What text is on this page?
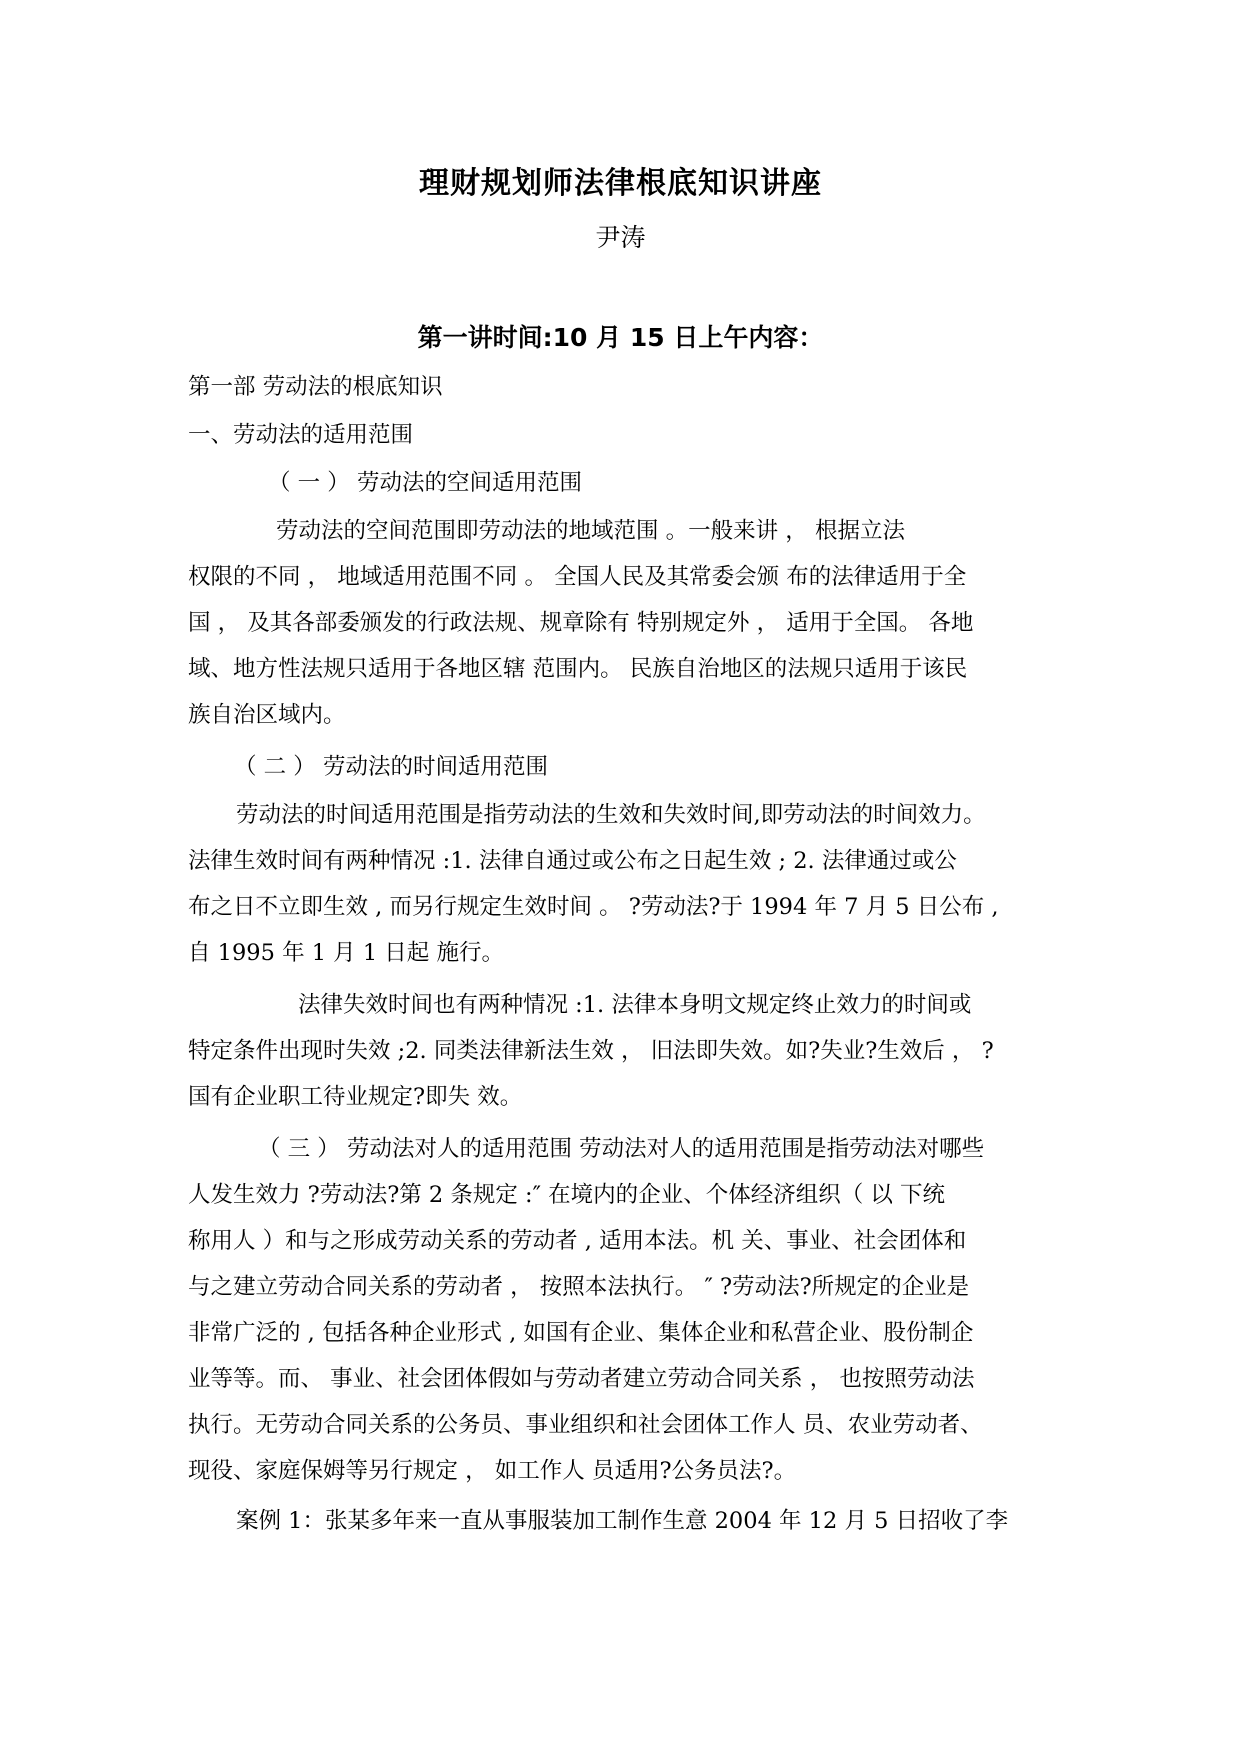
理财规划师法律根底知识讲座
尹涛
第一讲时间:10 月 15 日上午内容：
第一部 劳动法的根底知识
一、劳动法的适用范围
（ 一 ） 劳动法的空间适用范围
劳动法的空间范围即劳动法的地域范围 。一般来讲 ， 根据立法
权限的不同 ， 地域适用范围不同 。 全国人民及其常委会颁 布的法律适用于全
国 ， 及其各部委颁发的行政法规、规章除有 特别规定外 ， 适用于全国。 各地
域、地方性法规只适用于各地区辖 范围内。 民族自治地区的法规只适用于该民
族自治区域内。
（ 二 ） 劳动法的时间适用范围
劳动法的时间适用范围是指劳动法的生效和失效时间,即劳动法的时间效力。
法律生效时间有两种情况 :1. 法律自通过或公布之日起生效 ; 2. 法律通过或公
布之日不立即生效 , 而另行规定生效时间 。 ?劳动法?于 1994 年 7 月 5 日公布 ,
自 1995 年 1 月 1 日起 施行。
法律失效时间也有两种情况 :1. 法律本身明文规定终止效力的时间或
特定条件出现时失效 ;2. 同类法律新法生效 ， 旧法即失效。如?失业?生效后 ， ?
国有企业职工待业规定?即失 效。
（ 三 ） 劳动法对人的适用范围 劳动法对人的适用范围是指劳动法对哪些
人发生效力 ?劳动法?第 2 条规定 :″ 在境内的企业、个体经济组织（ 以 下统
称用人 ）和与之形成劳动关系的劳动者 , 适用本法。机 关、事业、社会团体和
与之建立劳动合同关系的劳动者 ， 按照本法执行。 ″ ?劳动法?所规定的企业是
非常广泛的 , 包括各种企业形式 , 如国有企业、集体企业和私营企业、股份制企
业等等。而、 事业、社会团体假如与劳动者建立劳动合同关系 ， 也按照劳动法
执行。无劳动合同关系的公务员、事业组织和社会团体工作人 员、农业劳动者、
现役、家庭保姆等另行规定 ， 如工作人 员适用?公务员法?。
案例 1：张某多年来一直从事服装加工制作生意 2004 年 12 月 5 日招收了李
